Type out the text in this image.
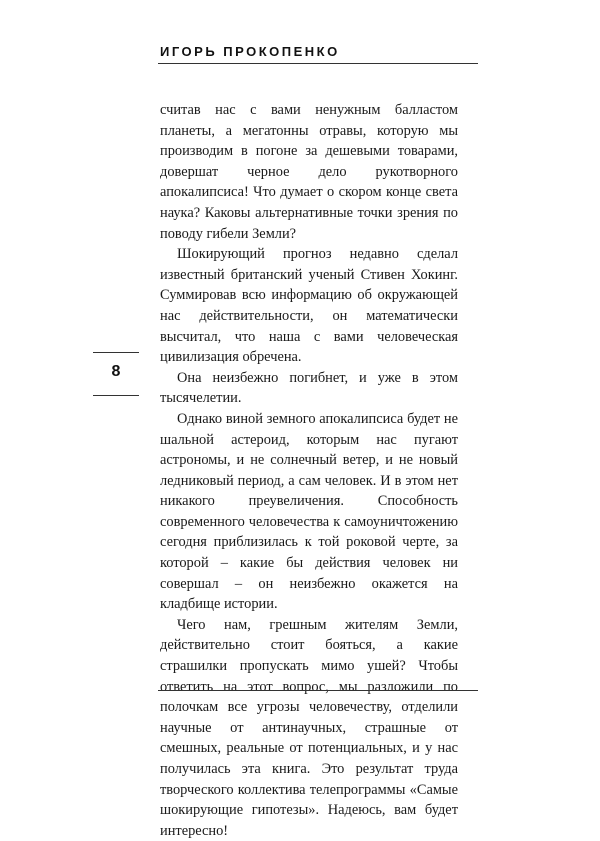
ИГОРЬ ПРОКОПЕНКО
8

считав нас с вами ненужным балластом планеты, а мегатонны отравы, которую мы производим в погоне за дешевыми товарами, довершат черное дело рукотворного апокалипсиса! Что думает о скором конце света наука? Каковы альтернативные точки зрения по поводу гибели Земли?

Шокирующий прогноз недавно сделал известный британский ученый Стивен Хокинг. Суммировав всю информацию об окружающей нас действительности, он математически высчитал, что наша с вами человеческая цивилизация обречена.

Она неизбежно погибнет, и уже в этом тысячелетии.

Однако виной земного апокалипсиса будет не шальной астероид, которым нас пугают астрономы, и не солнечный ветер, и не новый ледниковый период, а сам человек. И в этом нет никакого преувеличения. Способность современного человечества к самоуничтожению сегодня приблизилась к той роковой черте, за которой – какие бы действия человек ни совершал – он неизбежно окажется на кладбище истории.

Чего нам, грешным жителям Земли, действительно стоит бояться, а какие страшилки пропускать мимо ушей? Чтобы ответить на этот вопрос, мы разложили по полочкам все угрозы человечеству, отделили научные от антинаучных, страшные от смешных, реальные от потенциальных, и у нас получилась эта книга. Это результат труда творческого коллектива телепрограммы «Самые шокирующие гипотезы». Надеюсь, вам будет интересно!
